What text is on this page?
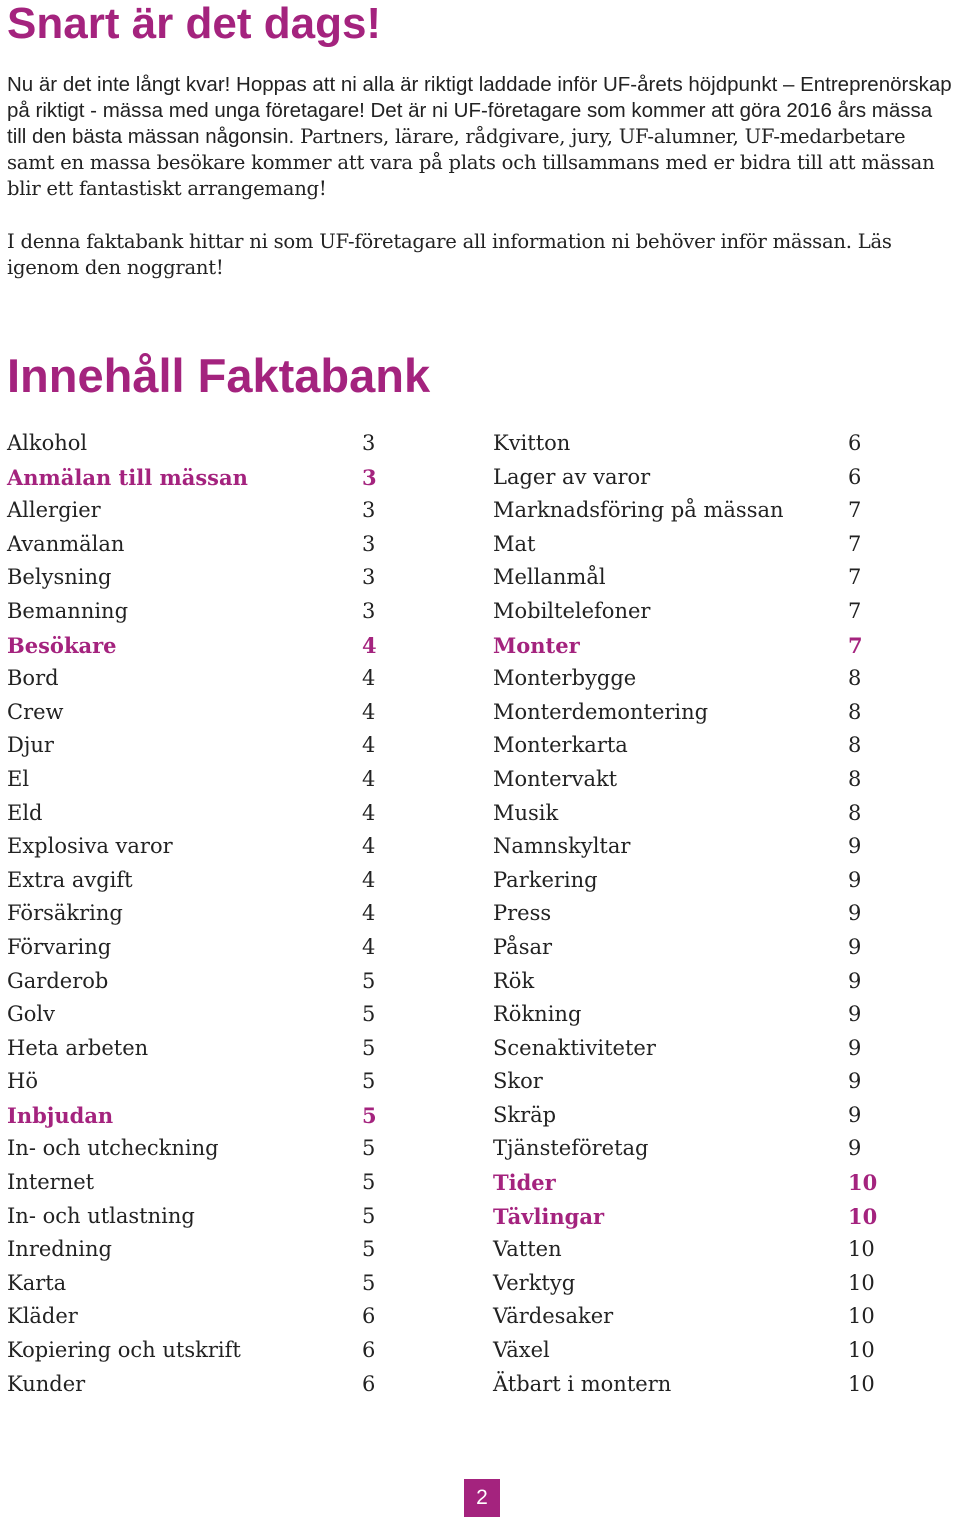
Snart är det dags!

Nu är det inte långt kvar! Hoppas att ni alla är riktigt laddade inför UF-årets höjdpunkt – Entreprenörskap på riktigt - mässa med unga företagare! Det är ni UF-företagare som kommer att göra 2016 års mässa till den bästa mässan någonsin. Partners, lärare, rådgivare, jury, UF-alumner, UF-medarbetare samt en massa besökare kommer att vara på plats och tillsammans med er bidra till att mässan blir ett fantastiskt arrangemang!

I denna faktabank hittar ni som UF-företagare all information ni behöver inför mässan. Läs igenom den noggrant!

Innehåll Faktabank
Alkohol	3
Anmälan till mässan	3
Allergier	3
Avanmälan	3
Belysning	3
Bemanning	3
Besökare	4
Bord	4
Crew	4
Djur	4
El	4
Eld	4
Explosiva varor	4
Extra avgift	4
Försäkring	4
Förvaring	4
Garderob	5
Golv	5
Heta arbeten	5
Hö	5
Inbjudan	5
In- och utcheckning	5
Internet	5
In- och utlastning	5
Inredning	5
Karta	5
Kläder	6
Kopiering och utskrift	6
Kunder	6
Kvitton	6
Lager av varor	6
Marknadsföring på mässan	7
Mat	7
Mellanmål	7
Mobiltelefoner	7
Monter	7
Monterbygge	8
Monterdemontering	8
Monterkarta	8
Montervakt	8
Musik	8
Namnskyltar	9
Parkering	9
Press	9
Påsar	9
Rök	9
Rökning	9
Scenaktiviteter	9
Skor	9
Skräp	9
Tjänsteföretag	9
Tider	10
Tävlingar	10
Vatten	10
Verktyg	10
Värdesaker	10
Växel	10
Ätbart i montern	10
2
